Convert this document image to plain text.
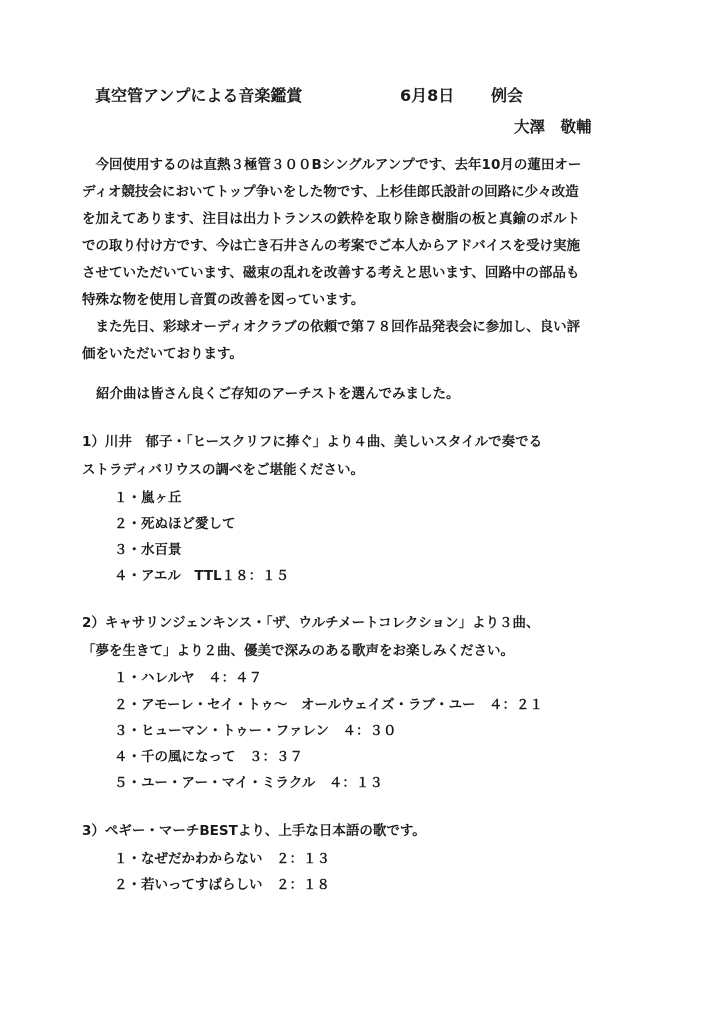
真空管アンプによる音楽鑑賞	6月8日 例会
大澤　敬輔
　今回使用するのは直熱３極管３００Bシングルアンプです、去年10月の蓮田オー
ディオ競技会においてトップ争いをした物です、上杉佳郎氏設計の回路に少々改造
を加えてあります、注目は出力トランスの鉄枠を取り除き樹脂の板と真鍮のボルト
での取り付け方です、今は亡き石井さんの考案でご本人からアドバイスを受け実施
させていただいています、磁束の乱れを改善する考えと思います、回路中の部品も
特殊な物を使用し音質の改善を図っています。
　また先日、彩球オーディオクラブの依頼で第７８回作品発表会に参加し、良い評
価をいただいております。
紹介曲は皆さん良くご存知のアーチストを選んでみました。
1）川井　郁子・「ヒースクリフに捧ぐ」より４曲、美しいスタイルで奏でる
ストラディバリウスの調べをご堪能ください。
１・嵐ヶ丘
２・死ぬほど愛して
３・水百景
４・アエル　TTL１８：１５
2）キャサリンジェンキンス・「ザ、ウルチメートコレクション」より３曲、
「夢を生きて」より２曲、優美で深みのある歌声をお楽しみください。
１・ハレルヤ　４：４７
２・アモーレ・セイ・トゥ～　オールウェイズ・ラブ・ユー　４：２１
３・ヒューマン・トゥー・ファレン　４：３０
４・千の風になって　３：３７
５・ユー・アー・マイ・ミラクル　４：１３
3）ペギー・マーチBESTより、上手な日本語の歌です。
１・なぜだかわからない　２：１３
２・若いってすばらしい　２：１８
